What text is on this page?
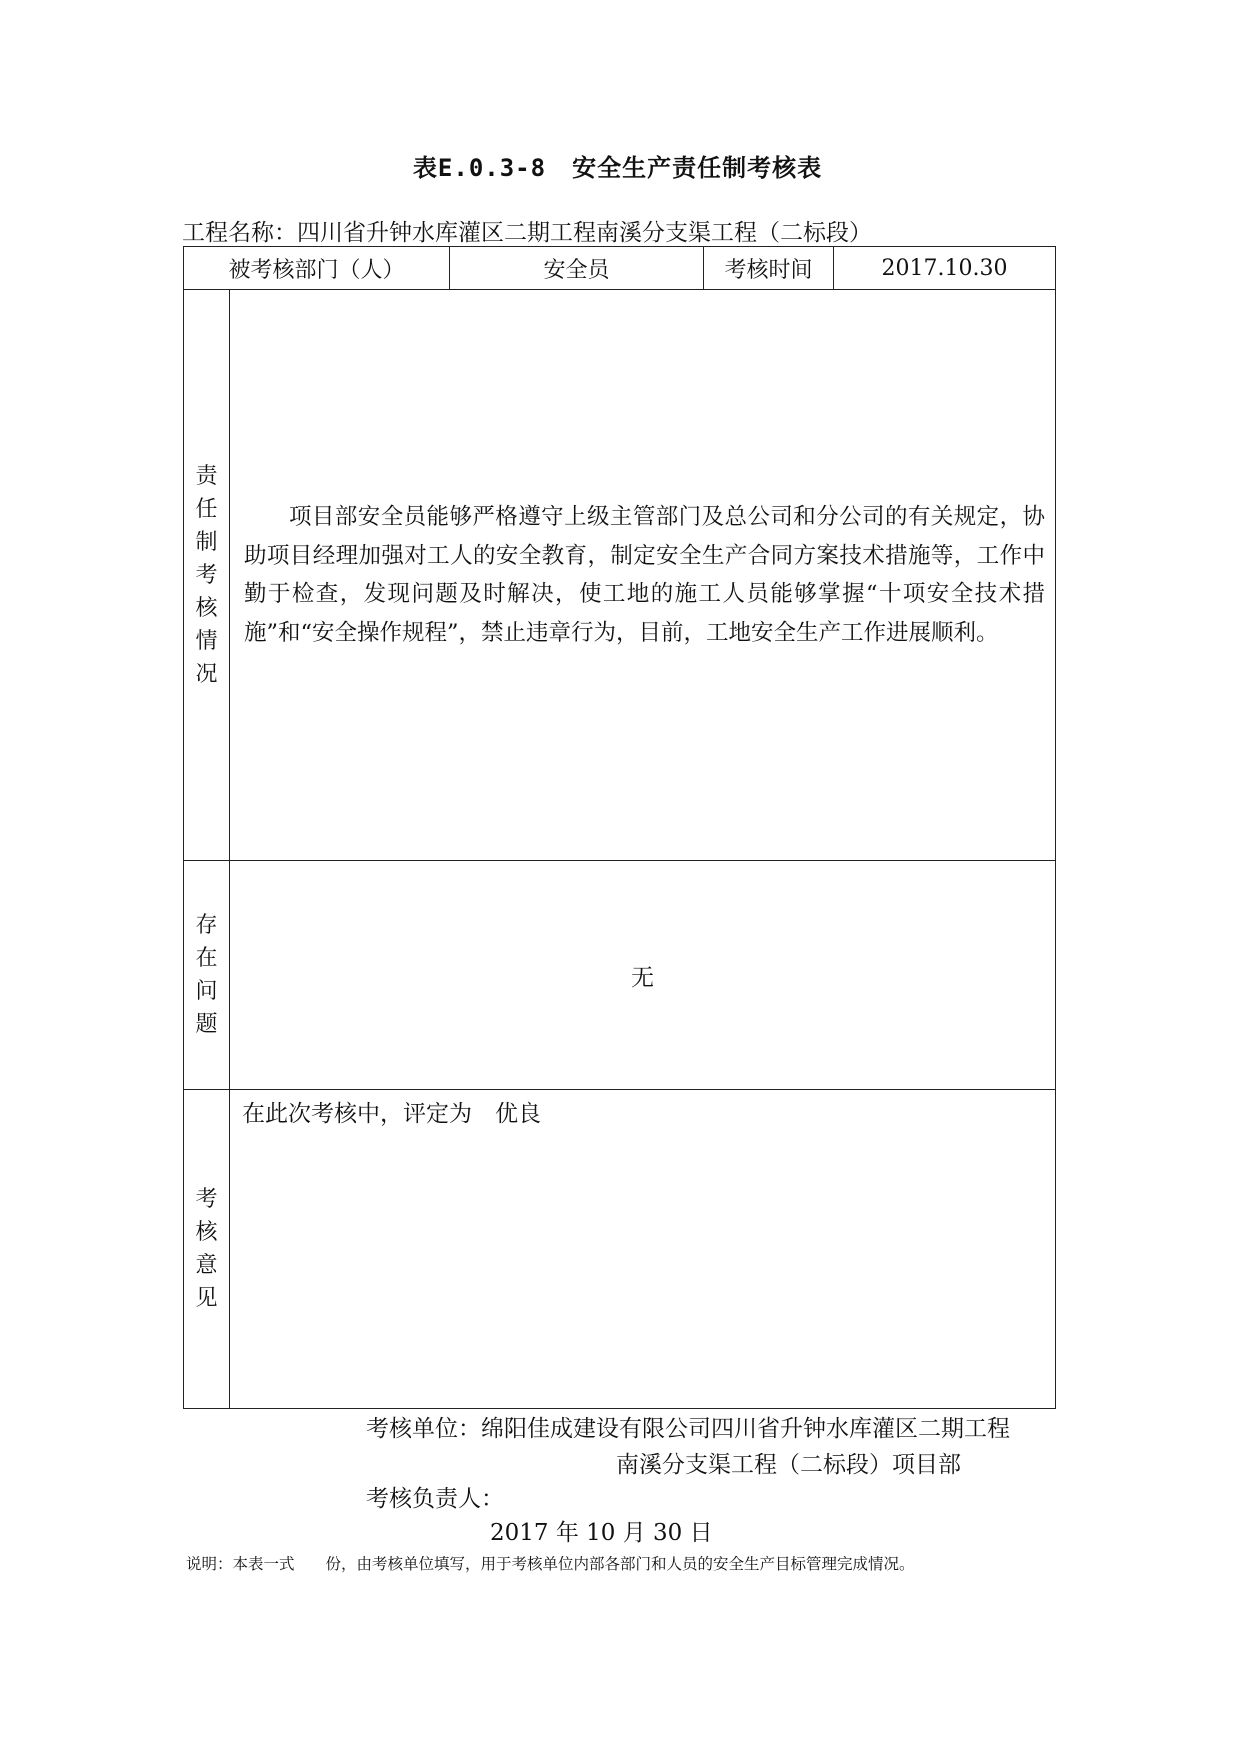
表E.0.3-8 安全生产责任制考核表
工程名称：四川省升钟水库灌区二期工程南溪分支渠工程（二标段）
被考核部门（人）		安全员	考核时间	2017.10.30
责任制考核情况	项目部安全员能够严格遵守上级主管部门及总公司和分公司的有关规定，协助项目经理加强对工人的安全教育，制定安全生产合同方案技术措施等，工作中勤于检查，发现问题及时解决，使工地的施工人员能够掌握“十项安全技术措施”和“安全操作规程”，禁止违章行为，目前，工地安全生产工作进展顺利。			
存在问题	无			
考核意见	在此次考核中，评定为　 优良
考核单位：绵阳佳成建设有限公司四川省升钟水库灌区二期工程
南溪分支渠工程（二标段）项目部
考核负责人：
2017 年 10 月 30 日			
说明：本表一式　　份，由考核单位填写，用于考核单位内部各部门和人员的安全生产目标管理完成情况。
